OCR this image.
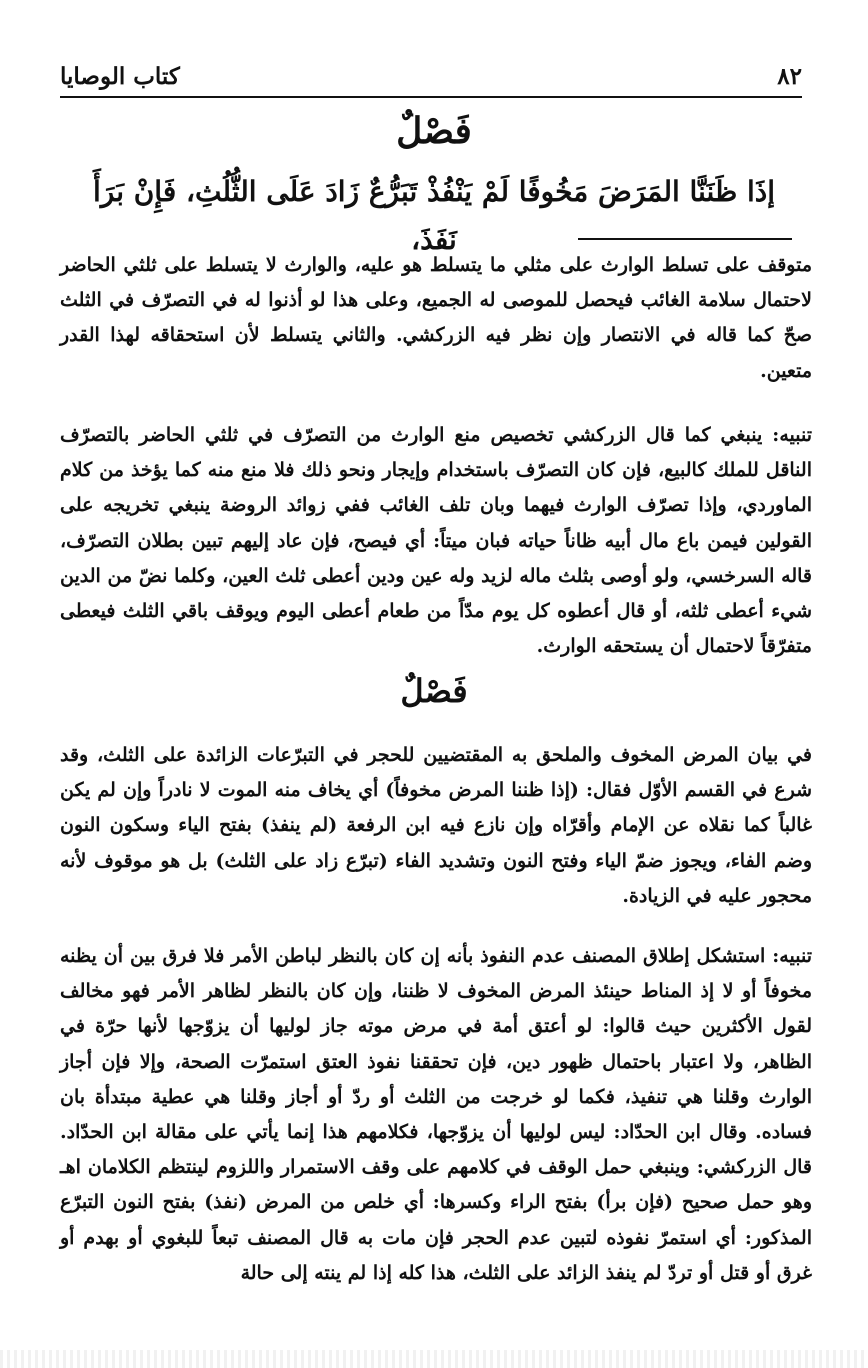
٨٢
كتاب الوصايا
فَصْلٌ
إذَا ظَنَنَّا المَرَضَ مَخُوفًا لَمْ يَنْفُذْ تَبَرُّعٌ زَادَ عَلَى الثُّلُثِ، فَإِنْ بَرَأَ نَفَذَ،
متوقف على تسلط الوارث على مثلي ما يتسلط هو عليه، والوارث لا يتسلط على ثلثي الحاضر لاحتمال سلامة الغائب فيحصل للموصى له الجميع، وعلى هذا لو أذنوا له في التصرّف في الثلث صحّ كما قاله في الانتصار وإن نظر فيه الزركشي. والثاني يتسلط لأن استحقاقه لهذا القدر متعين.
تنبيه: ينبغي كما قال الزركشي تخصيص منع الوارث من التصرّف في ثلثي الحاضر بالتصرّف الناقل للملك كالبيع، فإن كان التصرّف باستخدام وإيجار ونحو ذلك فلا منع منه كما يؤخذ من كلام الماوردي، وإذا تصرّف الوارث فيهما وبان تلف الغائب ففي زوائد الروضة ينبغي تخريجه على القولين فيمن باع مال أبيه ظاناً حياته فبان ميتاً: أي فيصح، فإن عاد إليهم تبين بطلان التصرّف، قاله السرخسي، ولو أوصى بثلث ماله لزيد وله عين ودين أعطى ثلث العين، وكلما نضّ من الدين شيء أعطى ثلثه، أو قال أعطوه كل يوم مدّاً من طعام أعطى اليوم ويوقف باقي الثلث فيعطى متفرّقاً لاحتمال أن يستحقه الوارث.
فَصْلٌ
في بيان المرض المخوف والملحق به المقتضيين للحجر في التبرّعات الزائدة على الثلث، وقد شرع في القسم الأوّل فقال: (إذا ظننا المرض مخوفاً) أي يخاف منه الموت لا نادراً وإن لم يكن غالباً كما نقلاه عن الإمام وأقرّاه وإن نازع فيه ابن الرفعة (لم ينفذ) بفتح الياء وسكون النون وضم الفاء، ويجوز ضمّ الياء وفتح النون وتشديد الفاء (تبرّع زاد على الثلث) بل هو موقوف لأنه محجور عليه في الزيادة.
تنبيه: استشكل إطلاق المصنف عدم النفوذ بأنه إن كان بالنظر لباطن الأمر فلا فرق بين أن يظنه مخوفاً أو لا إذ المناط حينئذ المرض المخوف لا ظننا، وإن كان بالنظر لظاهر الأمر فهو مخالف لقول الأكثرين حيث قالوا: لو أعتق أمة في مرض موته جاز لوليها أن يزوّجها لأنها حرّة في الظاهر، ولا اعتبار باحتمال ظهور دين، فإن تحققنا نفوذ العتق استمرّت الصحة، وإلا فإن أجاز الوارث وقلنا هي تنفيذ، فكما لو خرجت من الثلث أو ردّ أو أجاز وقلنا هي عطية مبتدأة بان فساده. وقال ابن الحدّاد: ليس لوليها أن يزوّجها، فكلامهم هذا إنما يأتي على مقالة ابن الحدّاد. قال الزركشي: وينبغي حمل الوقف في كلامهم على وقف الاستمرار واللزوم لينتظم الكلامان اهـ وهو حمل صحيح (فإن برأ) بفتح الراء وكسرها: أي خلص من المرض (نفذ) بفتح النون التبرّع المذكور: أي استمرّ نفوذه لتبين عدم الحجر فإن مات به قال المصنف تبعاً للبغوي أو بهدم أو غرق أو قتل أو تردّ لم ينفذ الزائد على الثلث، هذا كله إذا لم ينته إلى حالة
